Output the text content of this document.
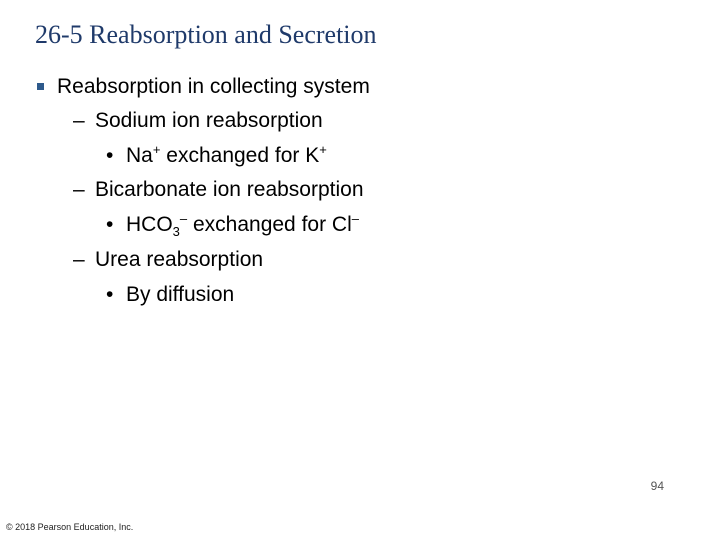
26-5 Reabsorption and Secretion
Reabsorption in collecting system
– Sodium ion reabsorption
• Na+ exchanged for K+
– Bicarbonate ion reabsorption
• $HCO_3^-$ exchanged for Cl–
– Urea reabsorption
• By diffusion
94
© 2018 Pearson Education, Inc.
